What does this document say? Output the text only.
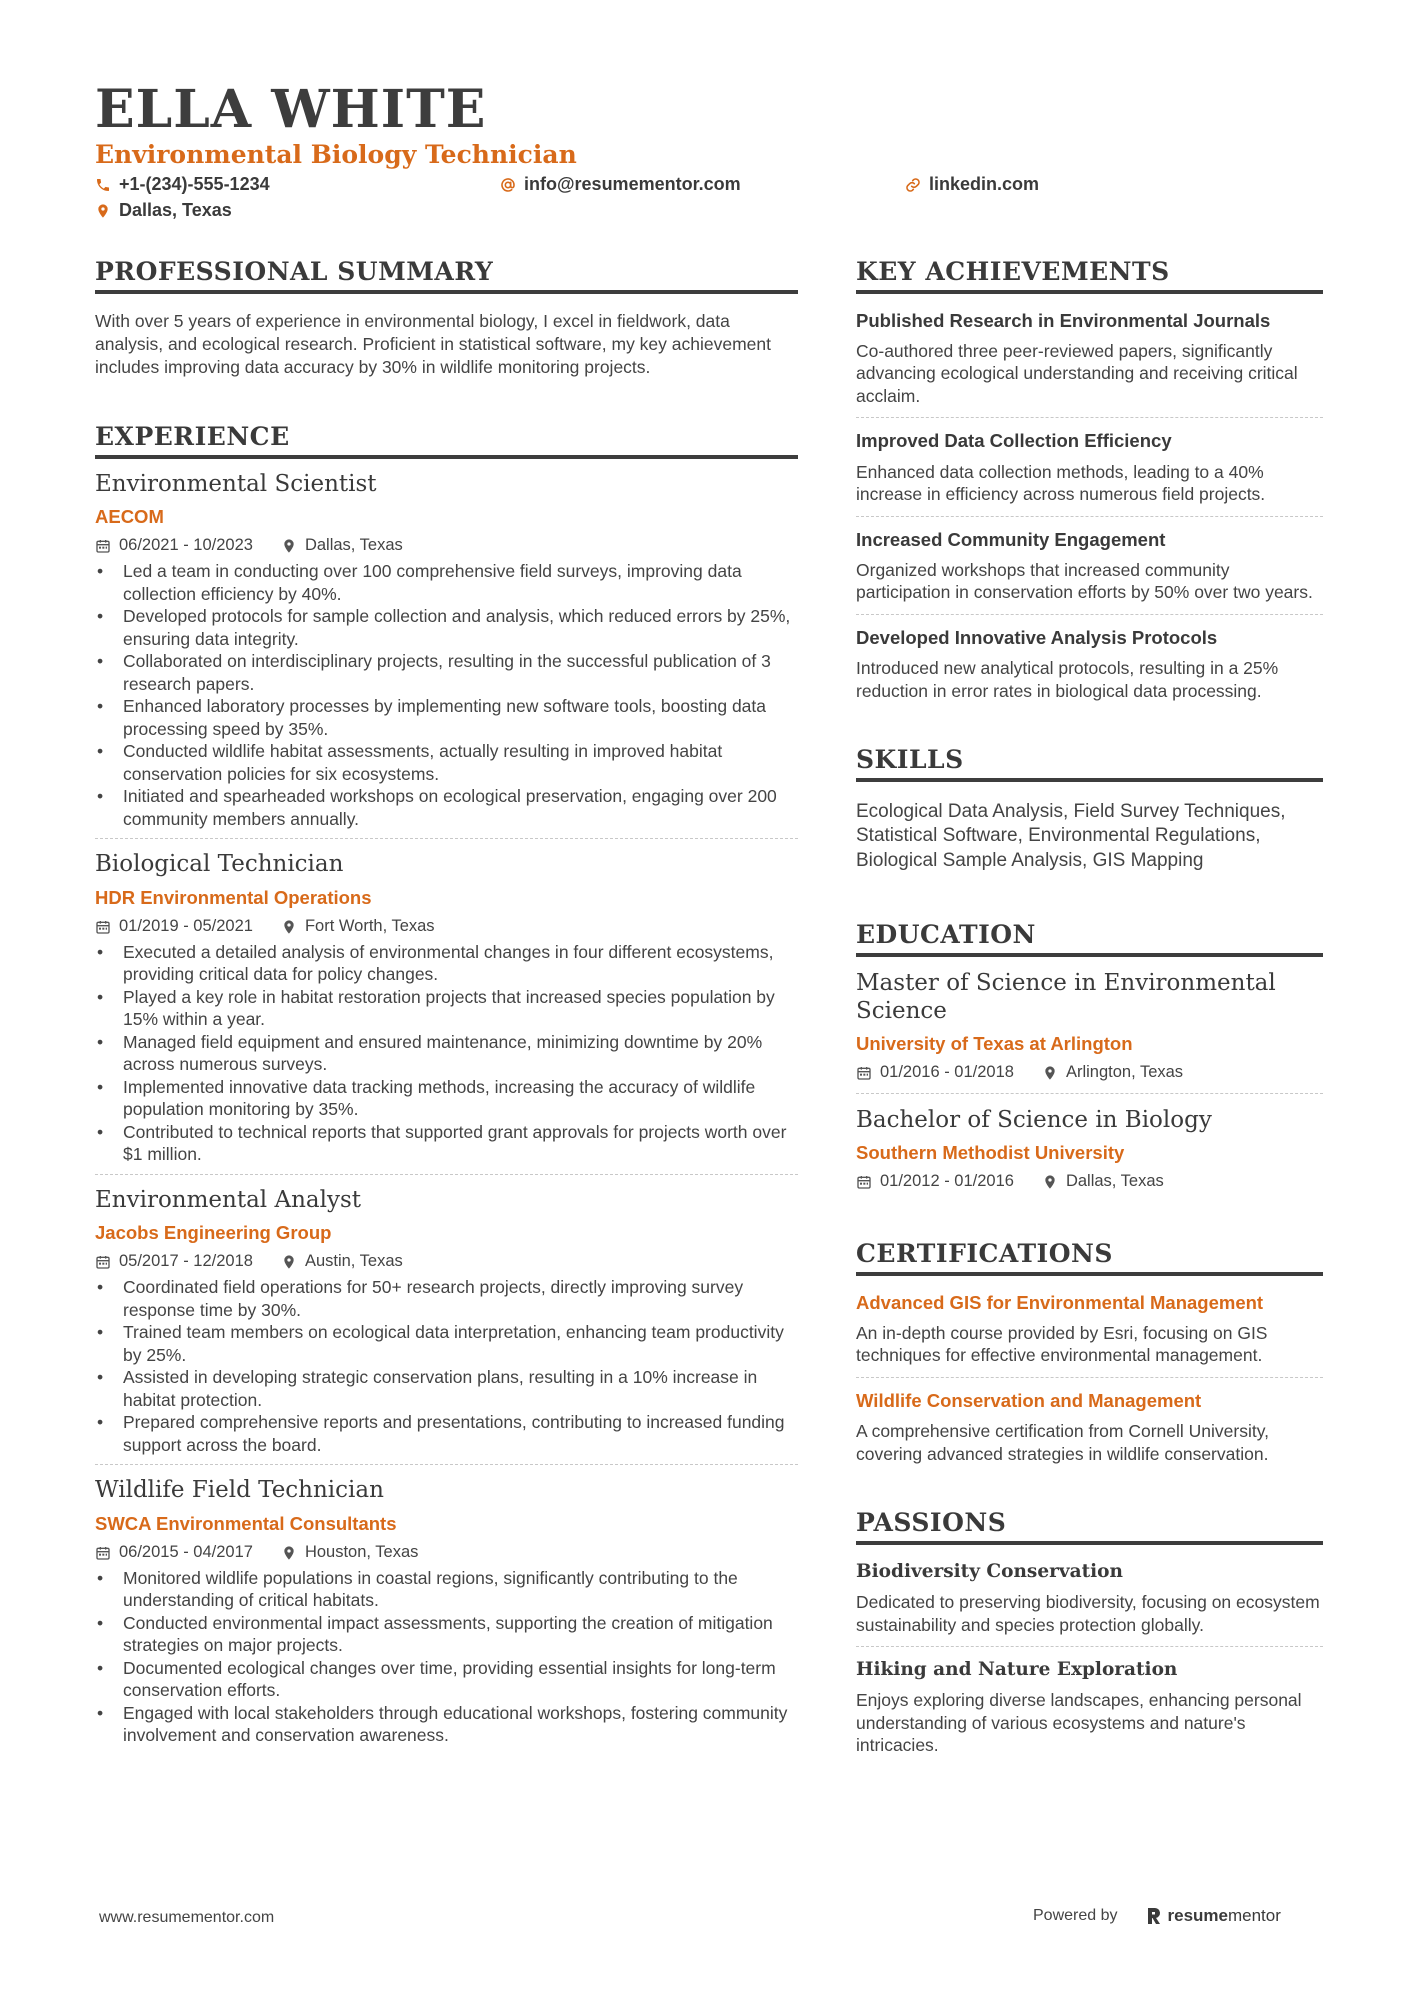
ELLA WHITE
Environmental Biology Technician
+1-(234)-555-1234	info@resumementor.com	linkedin.com
Dallas, Texas
PROFESSIONAL SUMMARY
With over 5 years of experience in environmental biology, I excel in fieldwork, data analysis, and ecological research. Proficient in statistical software, my key achievement includes improving data accuracy by 30% in wildlife monitoring projects.
EXPERIENCE
Environmental Scientist
AECOM
06/2021 - 10/2023	Dallas, Texas
• Led a team in conducting over 100 comprehensive field surveys, improving data collection efficiency by 40%.
• Developed protocols for sample collection and analysis, which reduced errors by 25%, ensuring data integrity.
• Collaborated on interdisciplinary projects, resulting in the successful publication of 3 research papers.
• Enhanced laboratory processes by implementing new software tools, boosting data processing speed by 35%.
• Conducted wildlife habitat assessments, actually resulting in improved habitat conservation policies for six ecosystems.
• Initiated and spearheaded workshops on ecological preservation, engaging over 200 community members annually.
Biological Technician
HDR Environmental Operations
01/2019 - 05/2021	Fort Worth, Texas
• Executed a detailed analysis of environmental changes in four different ecosystems, providing critical data for policy changes.
• Played a key role in habitat restoration projects that increased species population by 15% within a year.
• Managed field equipment and ensured maintenance, minimizing downtime by 20% across numerous surveys.
• Implemented innovative data tracking methods, increasing the accuracy of wildlife population monitoring by 35%.
• Contributed to technical reports that supported grant approvals for projects worth over $1 million.
Environmental Analyst
Jacobs Engineering Group
05/2017 - 12/2018	Austin, Texas
• Coordinated field operations for 50+ research projects, directly improving survey response time by 30%.
• Trained team members on ecological data interpretation, enhancing team productivity by 25%.
• Assisted in developing strategic conservation plans, resulting in a 10% increase in habitat protection.
• Prepared comprehensive reports and presentations, contributing to increased funding support across the board.
Wildlife Field Technician
SWCA Environmental Consultants
06/2015 - 04/2017	Houston, Texas
• Monitored wildlife populations in coastal regions, significantly contributing to the understanding of critical habitats.
• Conducted environmental impact assessments, supporting the creation of mitigation strategies on major projects.
• Documented ecological changes over time, providing essential insights for long-term conservation efforts.
• Engaged with local stakeholders through educational workshops, fostering community involvement and conservation awareness.
KEY ACHIEVEMENTS
Published Research in Environmental Journals
Co-authored three peer-reviewed papers, significantly advancing ecological understanding and receiving critical acclaim.
Improved Data Collection Efficiency
Enhanced data collection methods, leading to a 40% increase in efficiency across numerous field projects.
Increased Community Engagement
Organized workshops that increased community participation in conservation efforts by 50% over two years.
Developed Innovative Analysis Protocols
Introduced new analytical protocols, resulting in a 25% reduction in error rates in biological data processing.
SKILLS
Ecological Data Analysis, Field Survey Techniques, Statistical Software, Environmental Regulations, Biological Sample Analysis, GIS Mapping
EDUCATION
Master of Science in Environmental Science
University of Texas at Arlington
01/2016 - 01/2018	Arlington, Texas
Bachelor of Science in Biology
Southern Methodist University
01/2012 - 01/2016	Dallas, Texas
CERTIFICATIONS
Advanced GIS for Environmental Management
An in-depth course provided by Esri, focusing on GIS techniques for effective environmental management.
Wildlife Conservation and Management
A comprehensive certification from Cornell University, covering advanced strategies in wildlife conservation.
PASSIONS
Biodiversity Conservation
Dedicated to preserving biodiversity, focusing on ecosystem sustainability and species protection globally.
Hiking and Nature Exploration
Enjoys exploring diverse landscapes, enhancing personal understanding of various ecosystems and nature's intricacies.
www.resumementor.com	Powered by	resume mentor
